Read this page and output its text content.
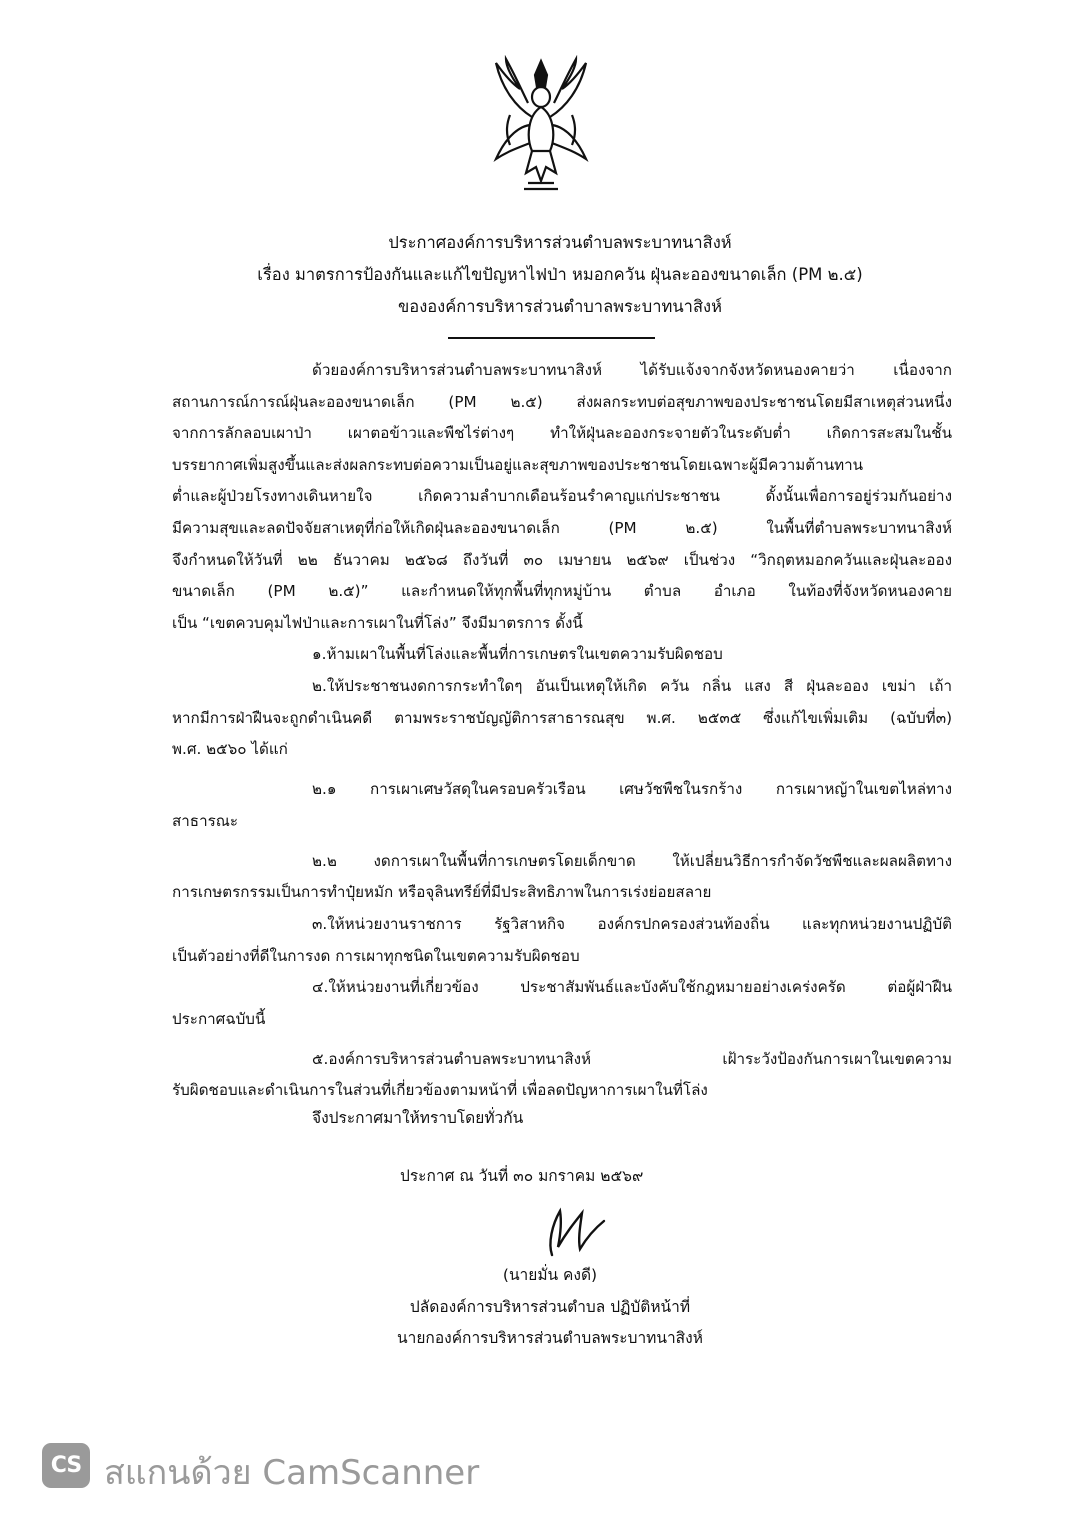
ประกาศองค์การบริหารส่วนตำบลพระบาทนาสิงห์
เรื่อง มาตรการป้องกันและแก้ไขปัญหาไฟป่า หมอกควัน ฝุ่นละอองขนาดเล็ก (PM ๒.๕)
ขององค์การบริหารส่วนตำบาลพระบาทนาสิงห์
ด้วยองค์การบริหารส่วนตำบลพระบาทนาสิงห์ ได้รับแจ้งจากจังหวัดหนองคายว่า เนื่องจาก
สถานการณ์การณ์ฝุ่นละอองขนาดเล็ก (PM ๒.๕) ส่งผลกระทบต่อสุขภาพของประชาชนโดยมีสาเหตุส่วนหนึ่ง
จากการลักลอบเผาป่า เผาตอข้าวและพืชไร่ต่างๆ ทำให้ฝุ่นละอองกระจายตัวในระดับต่ำ เกิดการสะสมในชั้น
บรรยากาศเพิ่มสูงขึ้นและส่งผลกระทบต่อความเป็นอยู่และสุขภาพของประชาชนโดยเฉพาะผู้มีความต้านทาน
ต่ำและผู้ป่วยโรงทางเดินหายใจ เกิดความลำบากเดือนร้อนรำคาญแก่ประชาชน ดั้งนั้นเพื่อการอยู่ร่วมกันอย่าง
มีความสุขและลดปัจจัยสาเหตุที่ก่อให้เกิดฝุ่นละอองขนาดเล็ก (PM ๒.๕) ในพื้นที่ตำบลพระบาทนาสิงห์
จึงกำหนดให้วันที่ ๒๒ ธันวาคม ๒๕๖๘ ถึงวันที่ ๓๐ เมษายน ๒๕๖๙ เป็นช่วง “วิกฤตหมอกควันและฝุ่นละออง
ขนาดเล็ก (PM ๒.๕)” และกำหนดให้ทุกพื้นที่ทุกหมู่บ้าน ตำบล อำเภอ ในท้องที่จังหวัดหนองคาย
เป็น “เขตควบคุมไฟป่าและการเผาในที่โล่ง” จึงมีมาตรการ ดั้งนี้
๑.ห้ามเผาในพื้นที่โล่งและพื้นที่การเกษตรในเขตความรับผิดชอบ
๒.ให้ประชาชนงดการกระทำใดๆ อันเป็นเหตุให้เกิด ควัน กลิ่น แสง สี ฝุ่นละออง เขม่า เถ้า
หากมีการฝ่าฝืนจะถูกดำเนินคดี ตามพระราชบัญญัติการสาธารณสุข พ.ศ. ๒๕๓๕ ซึ่งแก้ไขเพิ่มเติม (ฉบับที่๓)
พ.ศ. ๒๕๖๐ ได้แก่
๒.๑ การเผาเศษวัสดุในครอบครัวเรือน เศษวัชพืชในรกร้าง การเผาหญ้าในเขตไหล่ทาง
สาธารณะ
๒.๒ งดการเผาในพื้นที่การเกษตรโดยเด็กขาด ให้เปลี่ยนวิธีการกำจัดวัชพืชและผลผลิตทาง
การเกษตรกรรมเป็นการทำปุ๋ยหมัก หรือจุลินทรีย์ที่มีประสิทธิภาพในการเร่งย่อยสลาย
๓.ให้หน่วยงานราชการ รัฐวิสาหกิจ องค์กรปกครองส่วนท้องถิ่น และทุกหน่วยงานปฏิบัติ
เป็นตัวอย่างที่ดีในการงด การเผาทุกชนิดในเขตความรับผิดชอบ
๔.ให้หน่วยงานที่เกี่ยวข้อง ประชาสัมพันธ์และบังคับใช้กฎหมายอย่างเคร่งครัด ต่อผู้ฝ่าฝืน
ประกาศฉบับนี้
๕.องค์การบริหารส่วนตำบลพระบาทนาสิงห์ เฝ้าระวังป้องกันการเผาในเขตความ
รับผิดชอบและดำเนินการในส่วนที่เกี่ยวข้องตามหน้าที่ เพื่อลดปัญหาการเผาในที่โล่ง
จึงประกาศมาให้ทราบโดยทั่วกัน
ประกาศ ณ วันที่ ๓๐ มกราคม ๒๕๖๙
(นายมั่น คงดี)
ปลัดองค์การบริหารส่วนตำบล ปฏิบัติหน้าที่
นายกองค์การบริหารส่วนตำบลพระบาทนาสิงห์
CS สแกนด้วย CamScanner
